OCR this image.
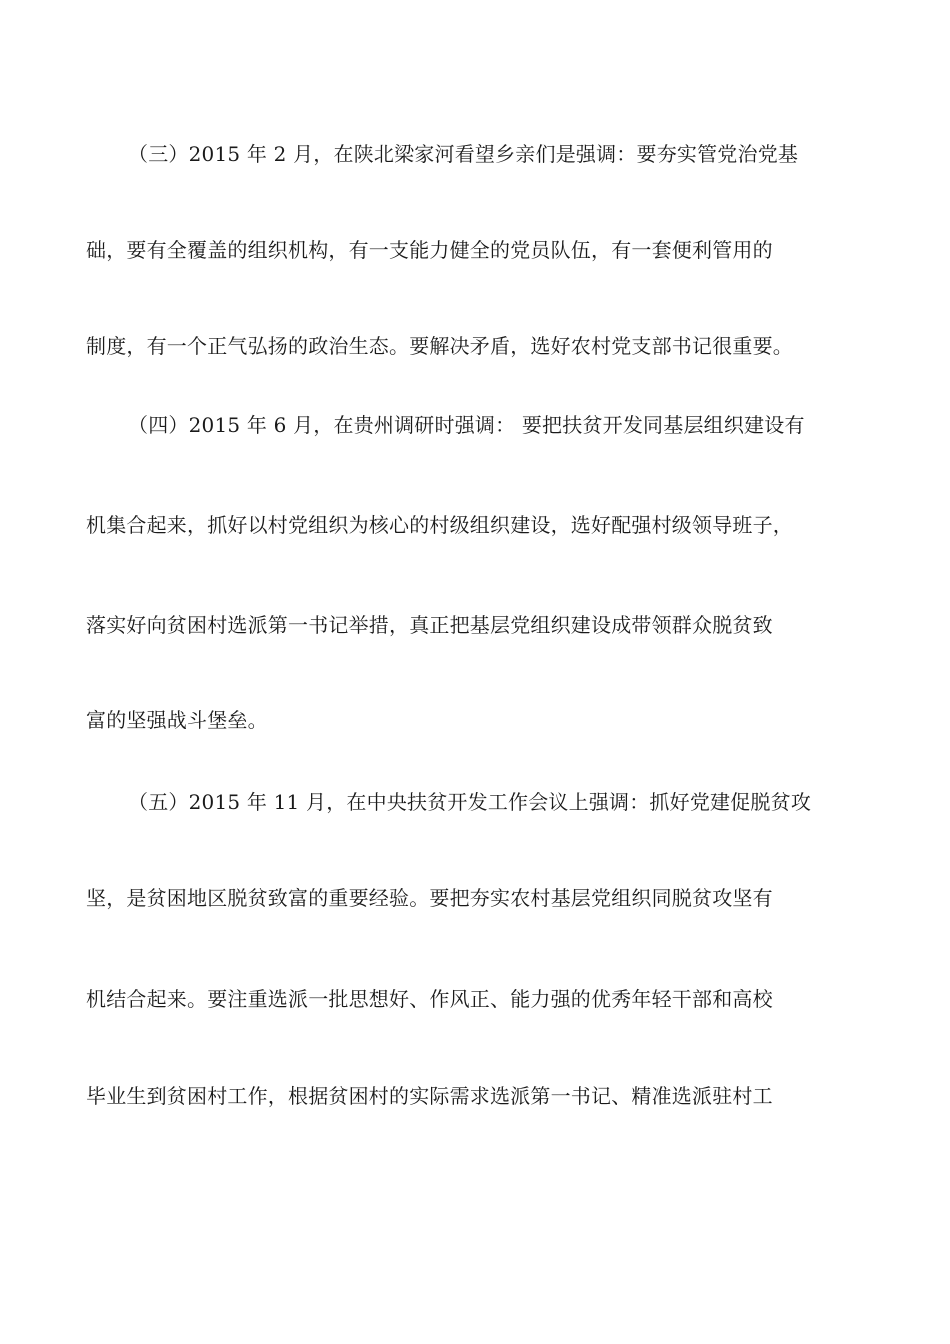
（三）2015 年 2 月，在陕北梁家河看望乡亲们是强调：要夯实管党治党基
础，要有全覆盖的组织机构，有一支能力健全的党员队伍，有一套便利管用的
制度，有一个正气弘扬的政治生态。要解决矛盾，选好农村党支部书记很重要。
（四）2015 年 6 月，在贵州调研时强调： 要把扶贫开发同基层组织建设有
机集合起来，抓好以村党组织为核心的村级组织建设，选好配强村级领导班子，
落实好向贫困村选派第一书记举措，真正把基层党组织建设成带领群众脱贫致
富的坚强战斗堡垒。
（五）2015 年 11 月，在中央扶贫开发工作会议上强调：抓好党建促脱贫攻
坚，是贫困地区脱贫致富的重要经验。要把夯实农村基层党组织同脱贫攻坚有
机结合起来。要注重选派一批思想好、作风正、能力强的优秀年轻干部和高校
毕业生到贫困村工作，根据贫困村的实际需求选派第一书记、精准选派驻村工
